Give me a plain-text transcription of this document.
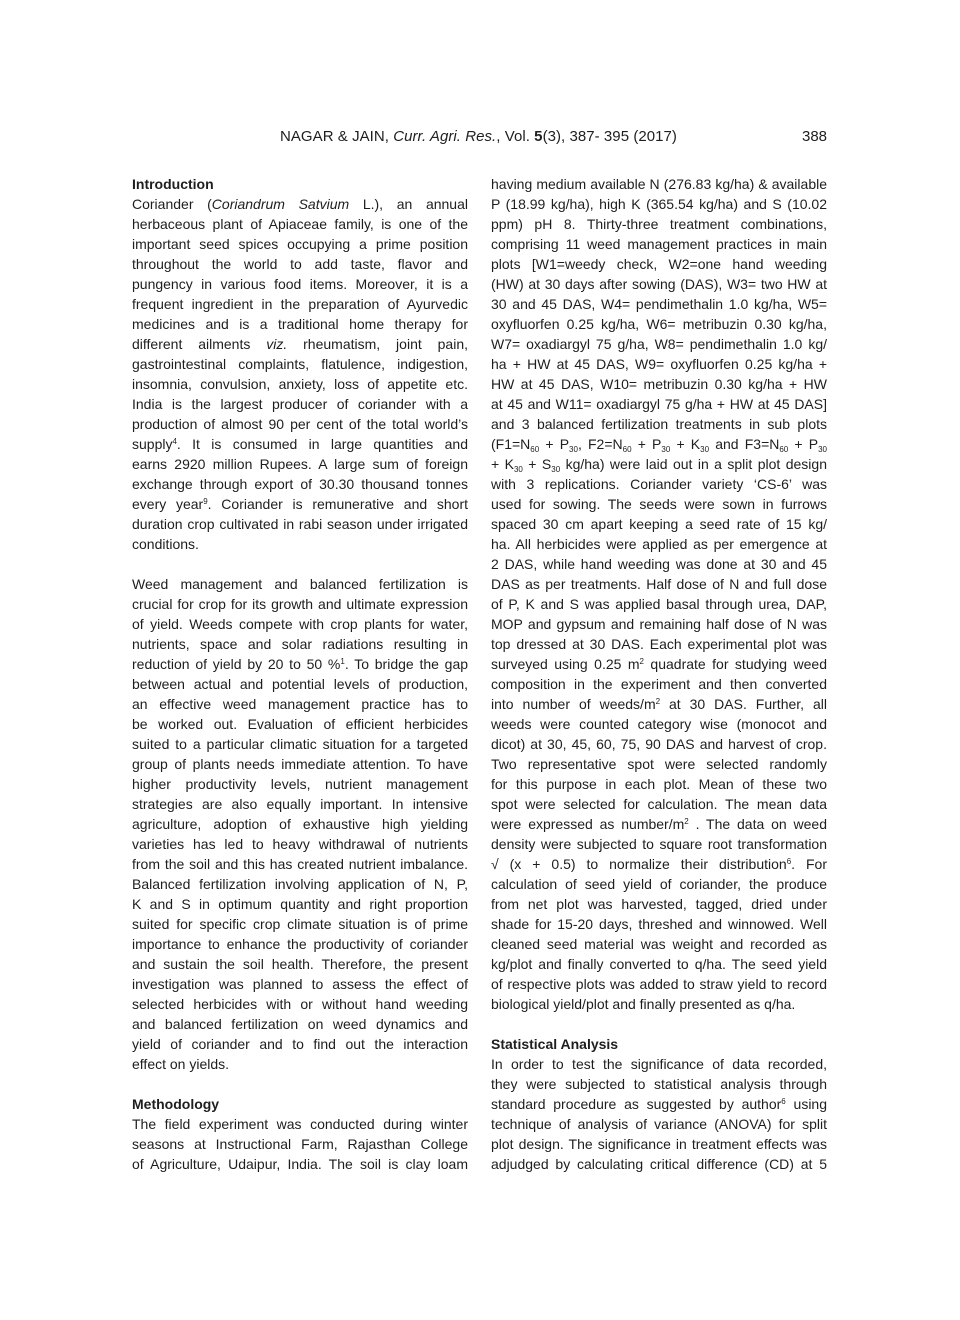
NAGAR & JAIN, Curr. Agri. Res., Vol. 5(3), 387- 395 (2017)	388
Introduction
Coriander (Coriandrum Satvium L.), an annual
herbaceous plant of Apiaceae family, is one of the
important seed spices occupying a prime position
throughout the world to add taste, flavor and
pungency in various food items. Moreover, it is a
frequent ingredient in the preparation of Ayurvedic
medicines and is a traditional home therapy for
different ailments viz. rheumatism, joint pain,
gastrointestinal complaints, flatulence, indigestion,
insomnia, convulsion, anxiety, loss of appetite etc.
India is the largest producer of coriander with a
production of almost 90 per cent of the total world’s
supply$^4$. It is consumed in large quantities and
earns 2920 million Rupees. A large sum of foreign
exchange through export of 30.30 thousand tonnes
every year$^9$. Coriander is remunerative and short
duration crop cultivated in rabi season under irrigated
conditions.
Weed management and balanced fertilization is
crucial for crop for its growth and ultimate expression
of yield. Weeds compete with crop plants for water,
nutrients, space and solar radiations resulting in
reduction of yield by 20 to 50 %$^1$. To bridge the gap
between actual and potential levels of production,
an effective weed management practice has to
be worked out. Evaluation of efficient herbicides
suited to a particular climatic situation for a targeted
group of plants needs immediate attention. To have
higher productivity levels, nutrient management
strategies are also equally important. In intensive
agriculture, adoption of exhaustive high yielding
varieties has led to heavy withdrawal of nutrients
from the soil and this has created nutrient imbalance.
Balanced fertilization involving application of N, P,
K and S in optimum quantity and right proportion
suited for specific crop climate situation is of prime
importance to enhance the productivity of coriander
and sustain the soil health. Therefore, the present
investigation was planned to assess the effect of
selected herbicides with or without hand weeding
and balanced fertilization on weed dynamics and
yield of coriander and to find out the interaction
effect on yields.
Methodology
The field experiment was conducted during winter
seasons at Instructional Farm, Rajasthan College
of Agriculture, Udaipur, India. The soil is clay loam
having medium available N (276.83 kg/ha) & available
P (18.99 kg/ha), high K (365.54 kg/ha) and S (10.02
ppm) pH 8. Thirty-three treatment combinations,
comprising 11 weed management practices in main
plots [W1=weedy check, W2=one hand weeding
(HW) at 30 days after sowing (DAS), W3= two HW at
30 and 45 DAS, W4= pendimethalin 1.0 kg/ha, W5=
oxyfluorfen 0.25 kg/ha, W6= metribuzin 0.30 kg/ha,
W7= oxadiargyl 75 g/ha, W8= pendimethalin 1.0 kg/
ha + HW at 45 DAS, W9= oxyfluorfen 0.25 kg/ha +
HW at 45 DAS, W10= metribuzin 0.30 kg/ha + HW
at 45 and W11= oxadiargyl 75 g/ha + HW at 45 DAS]
and 3 balanced fertilization treatments in sub plots
($F1=N_{60} + P_{30}$, $F2=N_{60} + P_{30} + K_{30}$ and $F3=N_{60} + P_{30}$
+ $K_{30} + S_{30}$ kg/ha) were laid out in a split plot design
with 3 replications. Coriander variety ‘CS-6’ was
used for sowing. The seeds were sown in furrows
spaced 30 cm apart keeping a seed rate of 15 kg/
ha. All herbicides were applied as per emergence at
2 DAS, while hand weeding was done at 30 and 45
DAS as per treatments. Half dose of N and full dose
of P, K and S was applied basal through urea, DAP,
MOP and gypsum and remaining half dose of N was
top dressed at 30 DAS. Each experimental plot was
surveyed using 0.25 $m^2$ quadrate for studying weed
composition in the experiment and then converted
into number of weeds/$m^2$ at 30 DAS. Further, all
weeds were counted category wise (monocot and
dicot) at 30, 45, 60, 75, 90 DAS and harvest of crop.
Two representative spot were selected randomly
for this purpose in each plot. Mean of these two
spot were selected for calculation. The mean data
were expressed as number/$m^2$ . The data on weed
density were subjected to square root transformation
√ (x + 0.5) to normalize their distribution$^6$. For
calculation of seed yield of coriander, the produce
from net plot was harvested, tagged, dried under
shade for 15-20 days, threshed and winnowed. Well
cleaned seed material was weight and recorded as
kg/plot and finally converted to q/ha. The seed yield
of respective plots was added to straw yield to record
biological yield/plot and finally presented as q/ha.
Statistical Analysis
In order to test the significance of data recorded,
they were subjected to statistical analysis through
standard procedure as suggested by author$^6$ using
technique of analysis of variance (ANOVA) for split
plot design. The significance in treatment effects was
adjudged by calculating critical difference (CD) at 5
